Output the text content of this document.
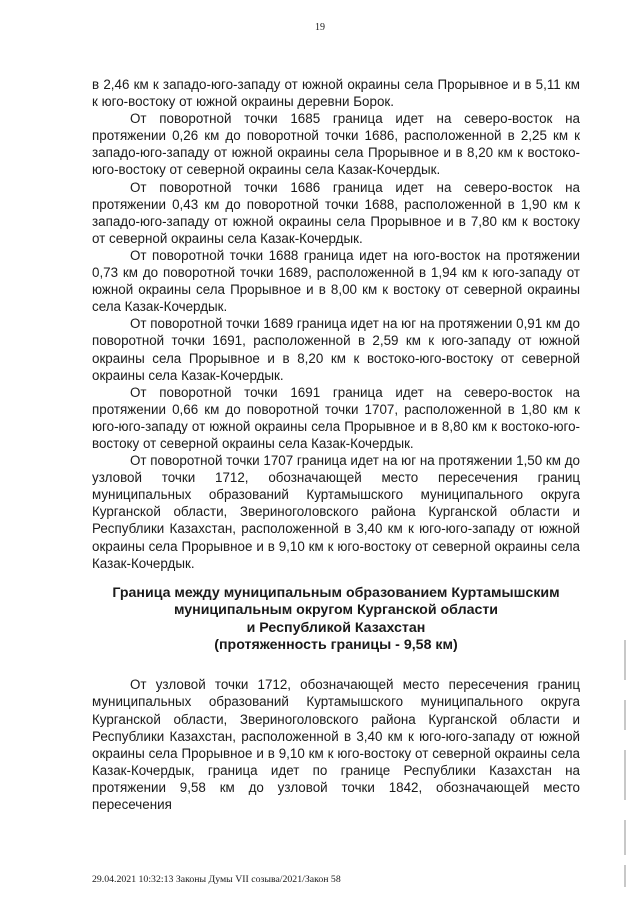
19

в 2,46 км к западо-юго-западу от южной окраины села Прорывное и в 5,11 км к юго-востоку от южной окраины деревни Борок.

От поворотной точки 1685 граница идет на северо-восток на протяжении 0,26 км до поворотной точки 1686, расположенной в 2,25 км к западо-юго-западу от южной окраины села Прорывное и в 8,20 км к востоко-юго-востоку от северной окраины села Казак-Кочердык.

От поворотной точки 1686 граница идет на северо-восток на протяжении 0,43 км до поворотной точки 1688, расположенной в 1,90 км к западо-юго-западу от южной окраины села Прорывное и в 7,80 км к востоку от северной окраины села Казак-Кочердык.

От поворотной точки 1688 граница идет на юго-восток на протяжении 0,73 км до поворотной точки 1689, расположенной в 1,94 км к юго-западу от южной окраины села Прорывное и в 8,00 км к востоку от северной окраины села Казак-Кочердык.

От поворотной точки 1689 граница идет на юг на протяжении 0,91 км до поворотной точки 1691, расположенной в 2,59 км к юго-западу от южной окраины села Прорывное и в 8,20 км к востоко-юго-востоку от северной окраины села Казак-Кочердык.

От поворотной точки 1691 граница идет на северо-восток на протяжении 0,66 км до поворотной точки 1707, расположенной в 1,80 км к юго-юго-западу от южной окраины села Прорывное и в 8,80 км к востоко-юго-востоку от северной окраины села Казак-Кочердык.

От поворотной точки 1707 граница идет на юг на протяжении 1,50 км до узловой точки 1712, обозначающей место пересечения границ муниципальных образований Куртамышского муниципального округа Курганской области, Звериноголовского района Курганской области и Республики Казахстан, расположенной в 3,40 км к юго-юго-западу от южной окраины села Прорывное и в 9,10 км к юго-востоку от северной окраины села Казак-Кочердык.

Граница между муниципальным образованием Куртамышским
муниципальным округом Курганской области
и Республикой Казахстан
(протяженность границы - 9,58 км)

От узловой точки 1712, обозначающей место пересечения границ муниципальных образований Куртамышского муниципального округа Курганской области, Звериноголовского района Курганской области и Республики Казахстан, расположенной в 3,40 км к юго-юго-западу от южной окраины села Прорывное и в 9,10 км к юго-востоку от северной окраины села Казак-Кочердык, граница идет по границе Республики Казахстан на протяжении 9,58 км до узловой точки 1842, обозначающей место пересечения

29.04.2021 10:32:13 Законы Думы VII созыва/2021/Закон 58
